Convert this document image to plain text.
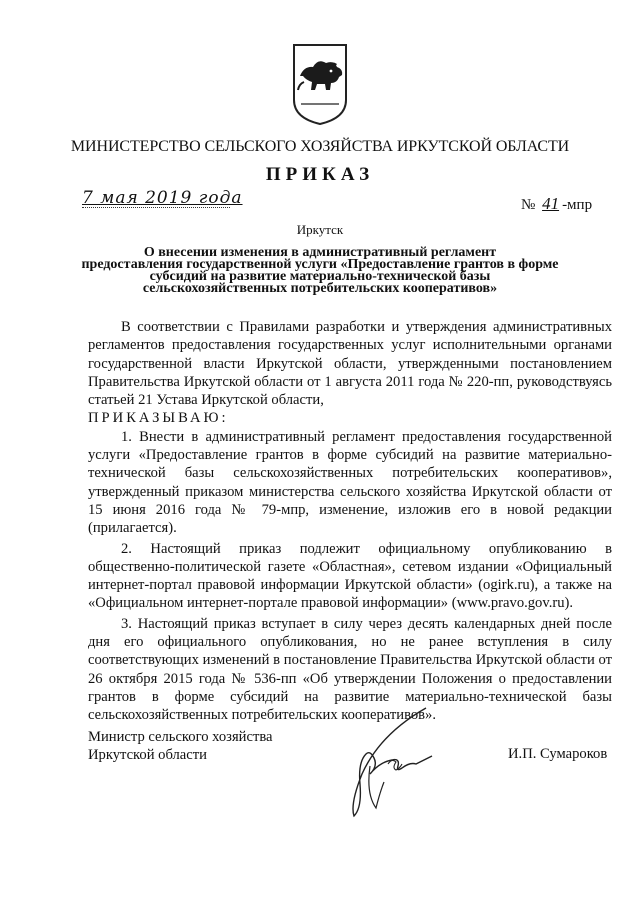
МИНИСТЕРСТВО СЕЛЬСКОГО ХОЗЯЙСТВА ИРКУТСКОЙ ОБЛАСТИ
ПРИКАЗ
7 мая 2019 года	№ 41 -мпр
Иркутск
О внесении изменения в административный регламент
предоставления государственной услуги «Предоставление грантов в форме
субсидий на развитие материально-технической базы
сельскохозяйственных потребительских кооперативов»

В соответствии с Правилами разработки и утверждения административных регламентов предоставления государственных услуг исполнительными органами государственной власти Иркутской области, утвержденными постановлением Правительства Иркутской области от 1 августа 2011 года № 220-пп, руководствуясь статьей 21 Устава Иркутской области,

ПРИКАЗЫВАЮ:

1. Внести в административный регламент предоставления государственной услуги «Предоставление грантов в форме субсидий на развитие материально-технической базы сельскохозяйственных потребительских кооперативов», утвержденный приказом министерства сельского хозяйства Иркутской области от 15 июня 2016 года № 79-мпр, изменение, изложив его в новой редакции (прилагается).

2. Настоящий приказ подлежит официальному опубликованию в общественно-политической газете «Областная», сетевом издании «Официальный интернет-портал правовой информации Иркутской области» (ogirk.ru), а также на «Официальном интернет-портале правовой информации» (www.pravo.gov.ru).

3. Настоящий приказ вступает в силу через десять календарных дней после дня его официального опубликования, но не ранее вступления в силу соответствующих изменений в постановление Правительства Иркутской области от 26 октября 2015 года № 536-пп «Об утверждении Положения о предоставлении грантов в форме субсидий на развитие материально-технической базы сельскохозяйственных потребительских кооперативов».

Министр сельского хозяйства
Иркутской области	И.П. Сумароков
